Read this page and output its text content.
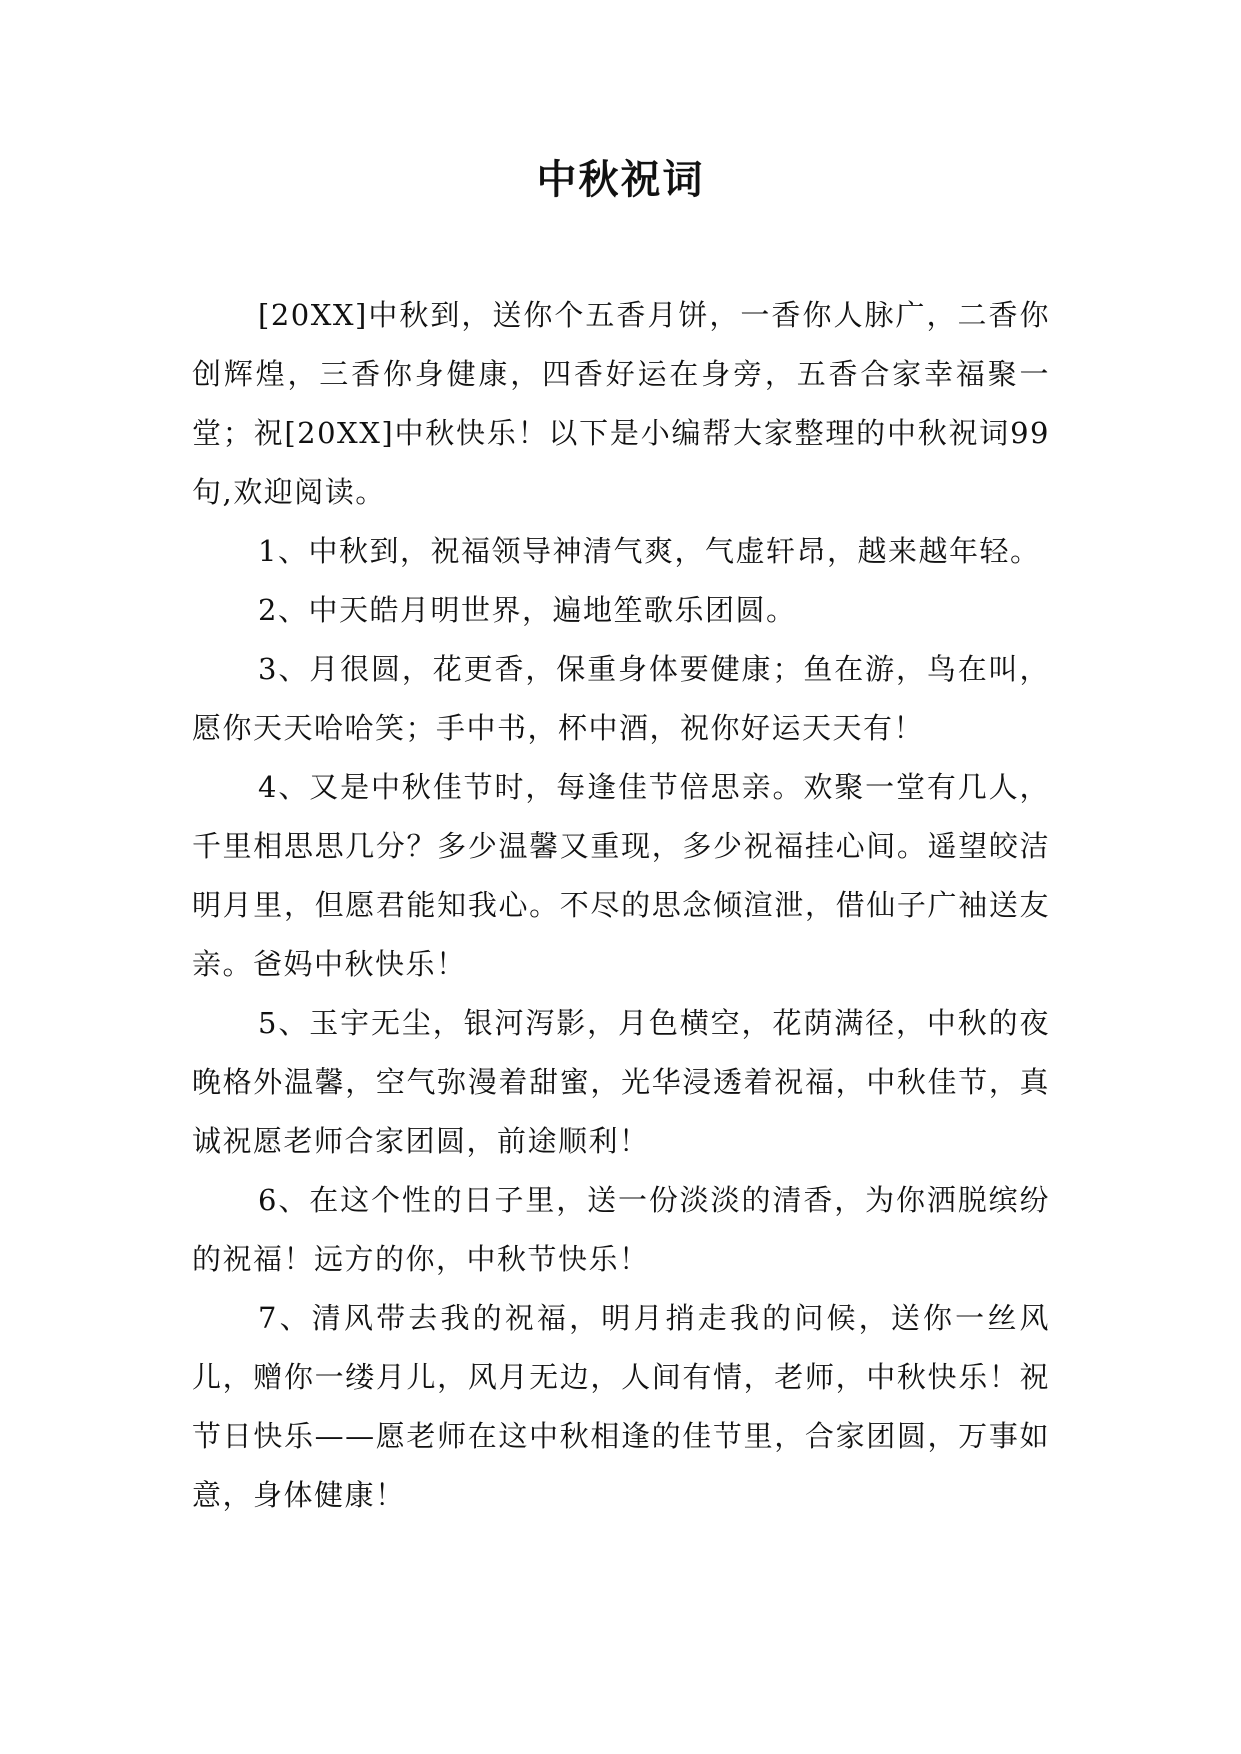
中秋祝词

[20XX]中秋到，送你个五香月饼，一香你人脉广，二香你创辉煌，三香你身健康，四香好运在身旁，五香合家幸福聚一堂；祝[20XX]中秋快乐！以下是小编帮大家整理的中秋祝词99句,欢迎阅读。

1、中秋到，祝福领导神清气爽，气虚轩昂，越来越年轻。

2、中天皓月明世界，遍地笙歌乐团圆。

3、月很圆，花更香，保重身体要健康；鱼在游，鸟在叫，愿你天天哈哈笑；手中书，杯中酒，祝你好运天天有！

4、又是中秋佳节时，每逢佳节倍思亲。欢聚一堂有几人，千里相思思几分？多少温馨又重现，多少祝福挂心间。遥望皎洁明月里，但愿君能知我心。不尽的思念倾渲泄，借仙子广袖送友亲。爸妈中秋快乐！

5、玉宇无尘，银河泻影，月色横空，花荫满径，中秋的夜晚格外温馨，空气弥漫着甜蜜，光华浸透着祝福，中秋佳节，真诚祝愿老师合家团圆，前途顺利！

6、在这个性的日子里，送一份淡淡的清香，为你洒脱缤纷的祝福！远方的你，中秋节快乐！

7、清风带去我的祝福，明月捎走我的问候，送你一丝风儿，赠你一缕月儿，风月无边，人间有情，老师，中秋快乐！祝节日快乐——愿老师在这中秋相逢的佳节里，合家团圆，万事如意，身体健康！
